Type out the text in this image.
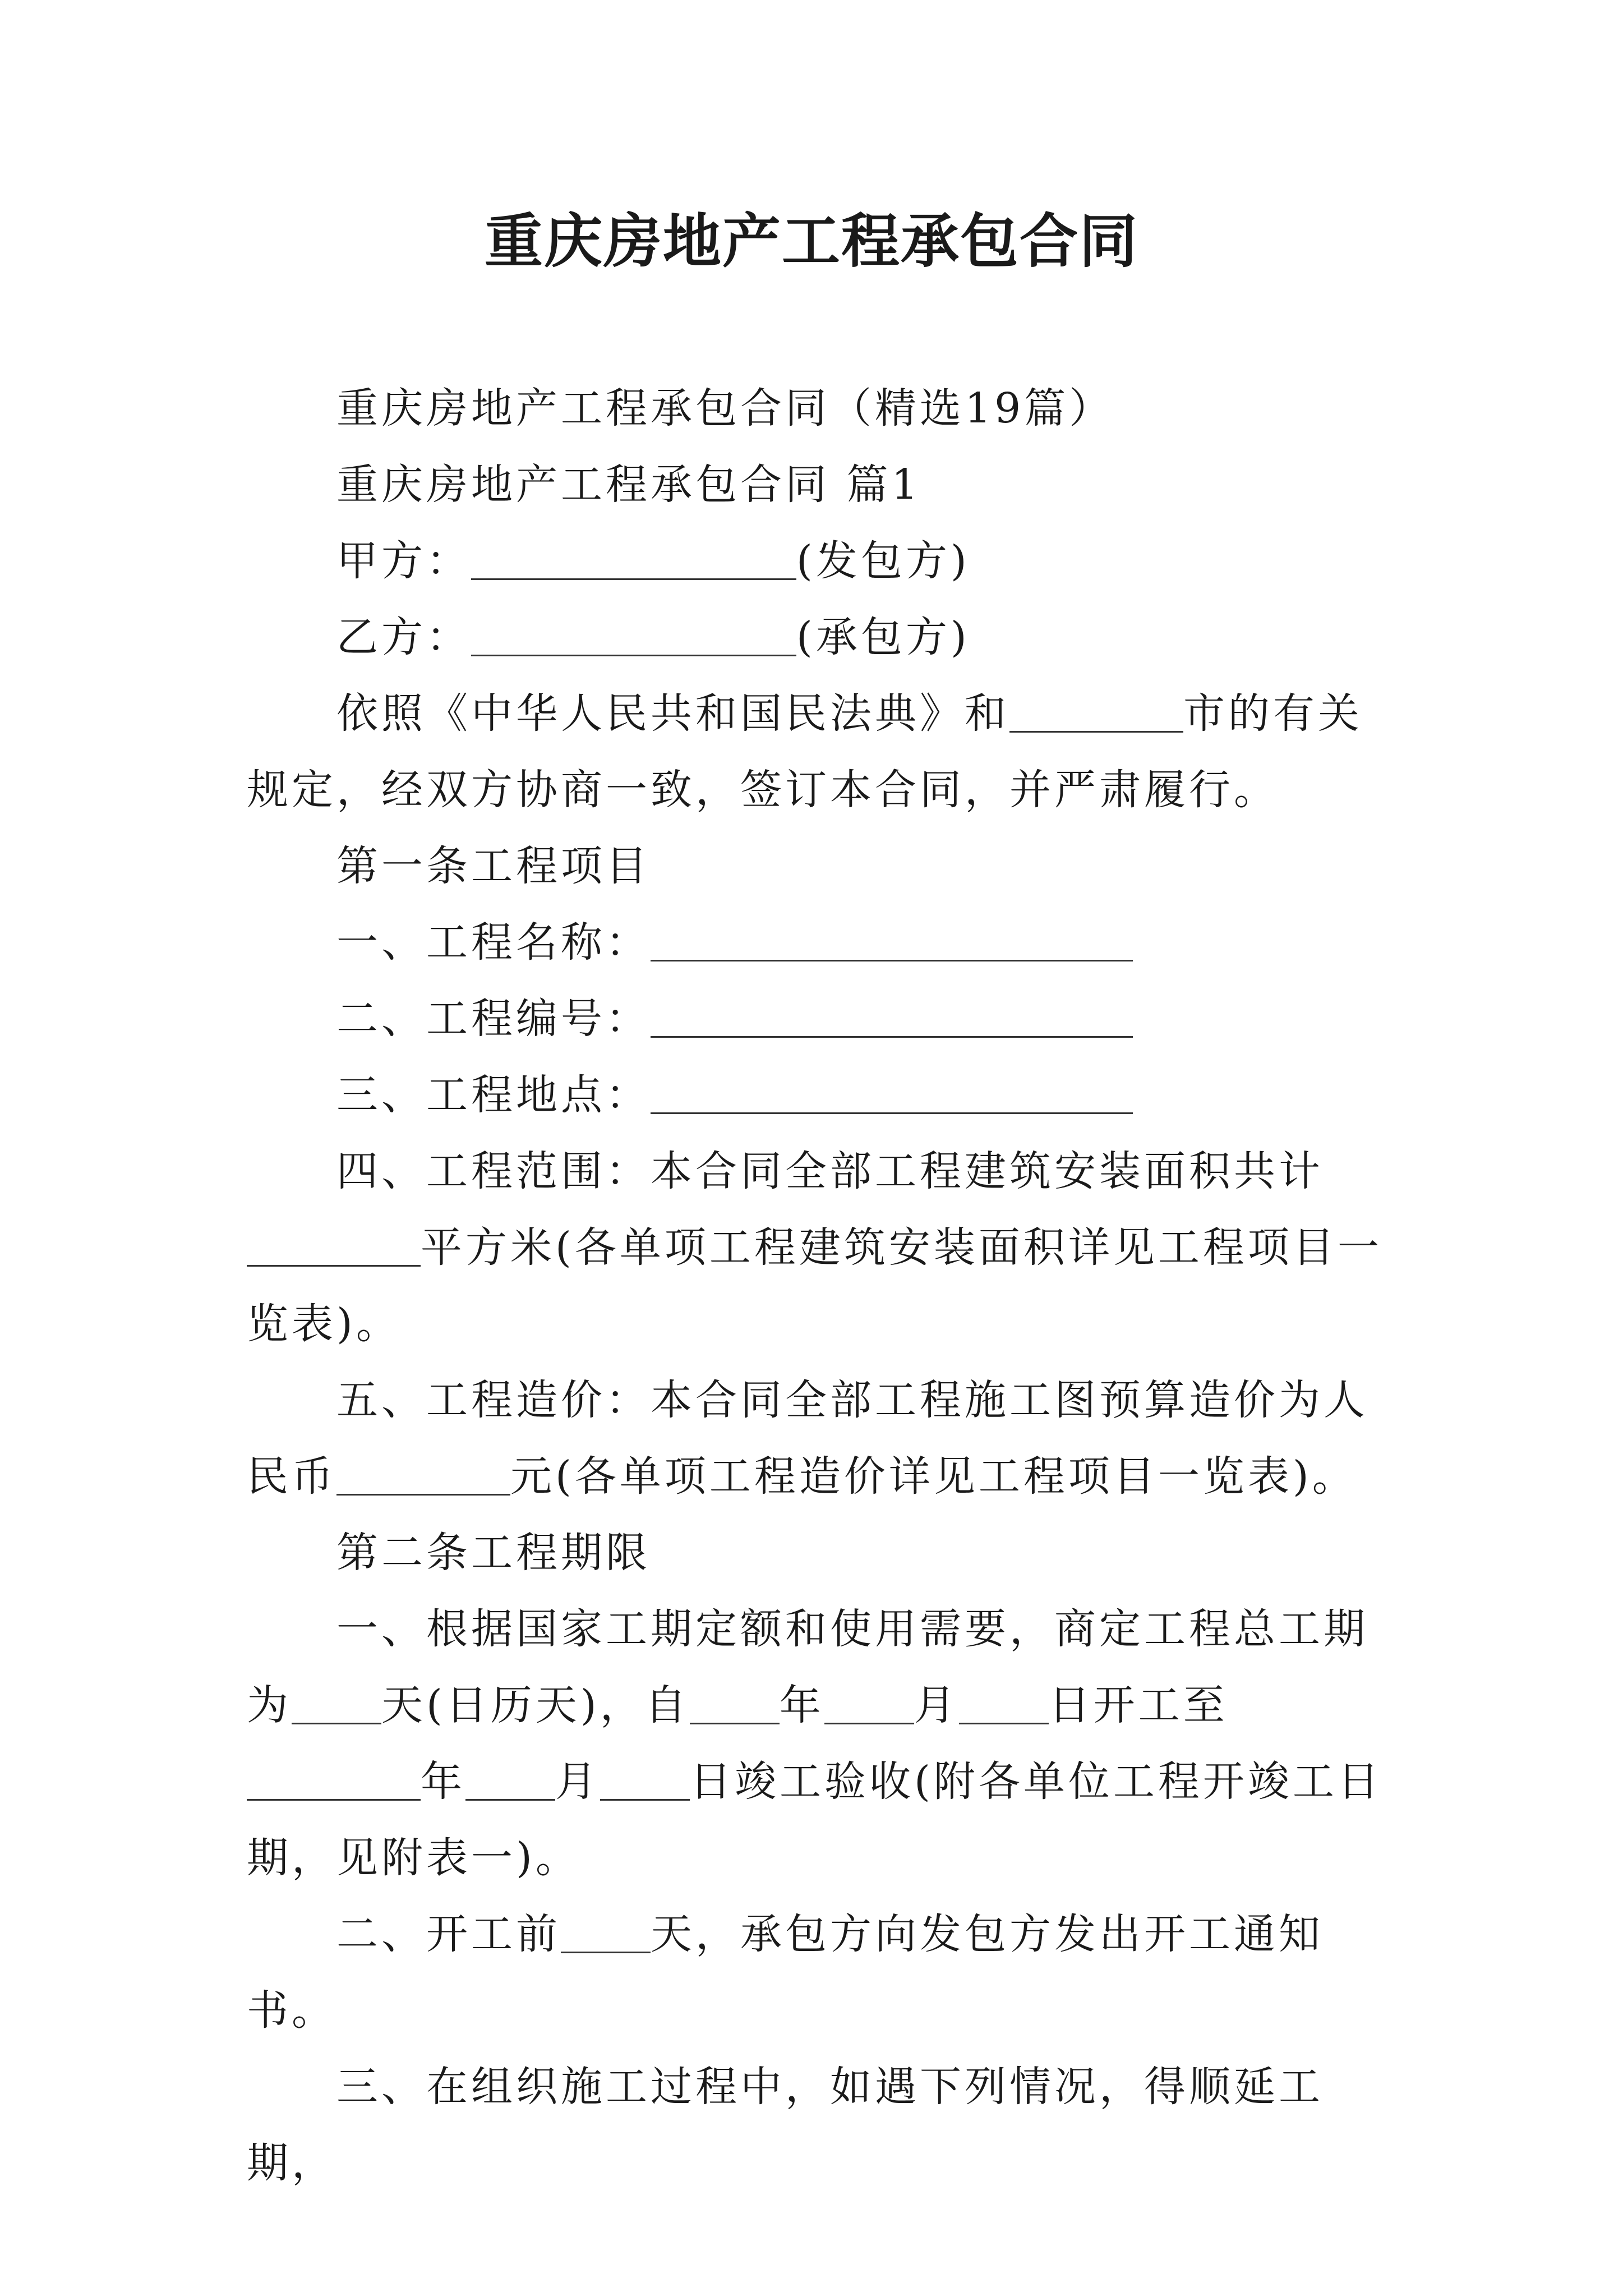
重庆房地产工程承包合同

重庆房地产工程承包合同（精选19篇）

重庆房地产工程承包合同 篇1

甲方：	(发包方)

乙方：	(承包方)

依照《中华人民共和国民法典》和	市的有关规定，经双方协商一致，签订本合同，并严肃履行。

第一条工程项目

一、工程名称：

二、工程编号：

三、工程地点：

四、工程范围：本合同全部工程建筑安装面积共计平方米(各单项工程建筑安装面积详见工程项目一览表)。

五、工程造价：本合同全部工程施工图预算造价为人民币	元(各单项工程造价详见工程项目一览表)。

第二条工程期限

一、根据国家工期定额和使用需要，商定工程总工期为 天(日历天)，自 年 月 日开工至年 月 日竣工验收(附各单位工程开竣工日期，见附表一)。

二、开工前 天，承包方向发包方发出开工通知书。

三、在组织施工过程中，如遇下列情况，得顺延工期，
